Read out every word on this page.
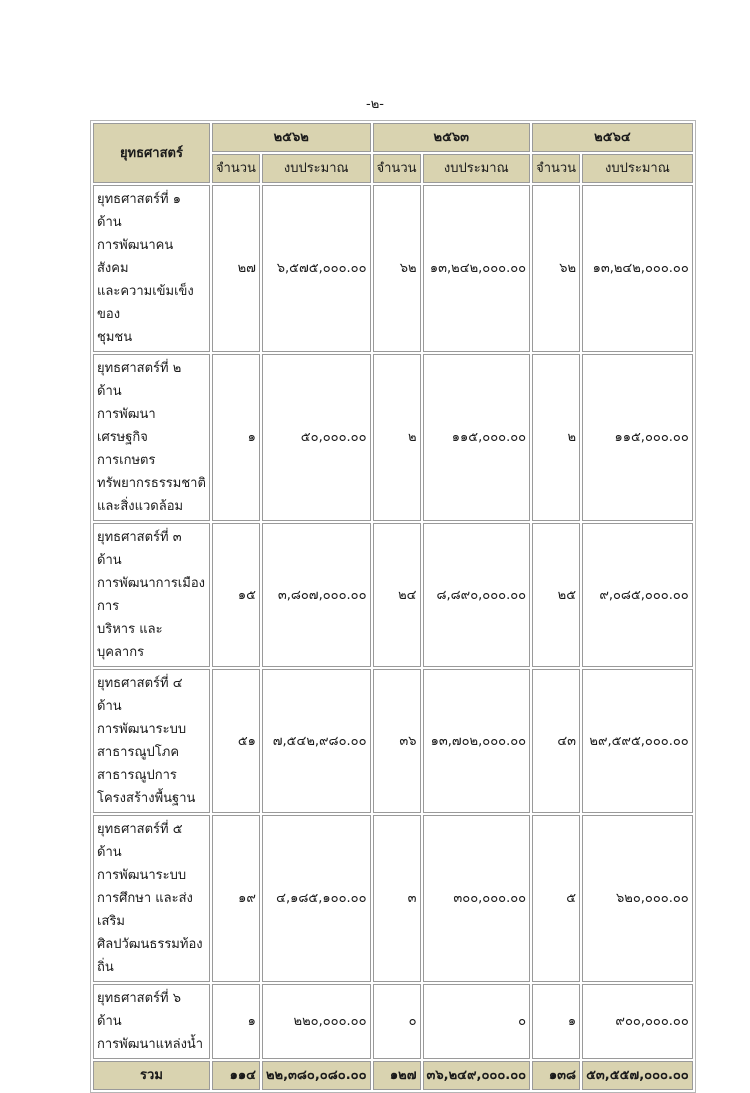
-๒-
ยุทธศาสตร์	๒๕๖๒		๒๕๖๓		๒๕๖๔	
	จำนวน	งบประมาณ	จำนวน	งบประมาณ	จำนวน	งบประมาณ

ยุทธศาสตร์ที่ ๑ ด้าน
การพัฒนาคน สังคม
และความเข้มเข็งของ
ชุมชน	๒๗	๖,๕๗๕,๐๐๐.๐๐	๖๒	๑๓,๒๔๒,๐๐๐.๐๐	๖๒	๑๓,๒๔๒,๐๐๐.๐๐

ยุทธศาสตร์ที่ ๒ ด้าน
การพัฒนาเศรษฐกิจ
การเกษตร
ทรัพยากรธรรมชาติ
และสิ่งแวดล้อม	๑	๕๐,๐๐๐.๐๐	๒	๑๑๕,๐๐๐.๐๐	๒	๑๑๕,๐๐๐.๐๐

ยุทธศาสตร์ที่ ๓ ด้าน
การพัฒนาการเมือง การ
บริหาร และบุคลากร	๑๕	๓,๘๐๗,๐๐๐.๐๐	๒๔	๘,๘๙๐,๐๐๐.๐๐	๒๕	๙,๐๘๕,๐๐๐.๐๐

ยุทธศาสตร์ที่ ๔ ด้าน
การพัฒนาระบบ
สาธารณูปโภค
สาธารณูปการ
โครงสร้างพื้นฐาน	๕๑	๗,๕๔๒,๙๘๐.๐๐	๓๖	๑๓,๗๐๒,๐๐๐.๐๐	๔๓	๒๙,๕๙๕,๐๐๐.๐๐

ยุทธศาสตร์ที่ ๕ ด้าน
การพัฒนาระบบ
การศึกษา และส่งเสริม
ศิลปวัฒนธรรมท้องถิ่น	๑๙	๔,๑๘๕,๑๐๐.๐๐	๓	๓๐๐,๐๐๐.๐๐	๕	๖๒๐,๐๐๐.๐๐

ยุทธศาสตร์ที่ ๖ ด้าน
การพัฒนาแหล่งน้ำ	๑	๒๒๐,๐๐๐.๐๐	๐	๐	๑	๙๐๐,๐๐๐.๐๐
รวม	๑๑๔	๒๒,๓๘๐,๐๘๐.๐๐	๑๒๗	๓๖,๒๔๙,๐๐๐.๐๐	๑๓๘	๕๓,๕๕๗,๐๐๐.๐๐
